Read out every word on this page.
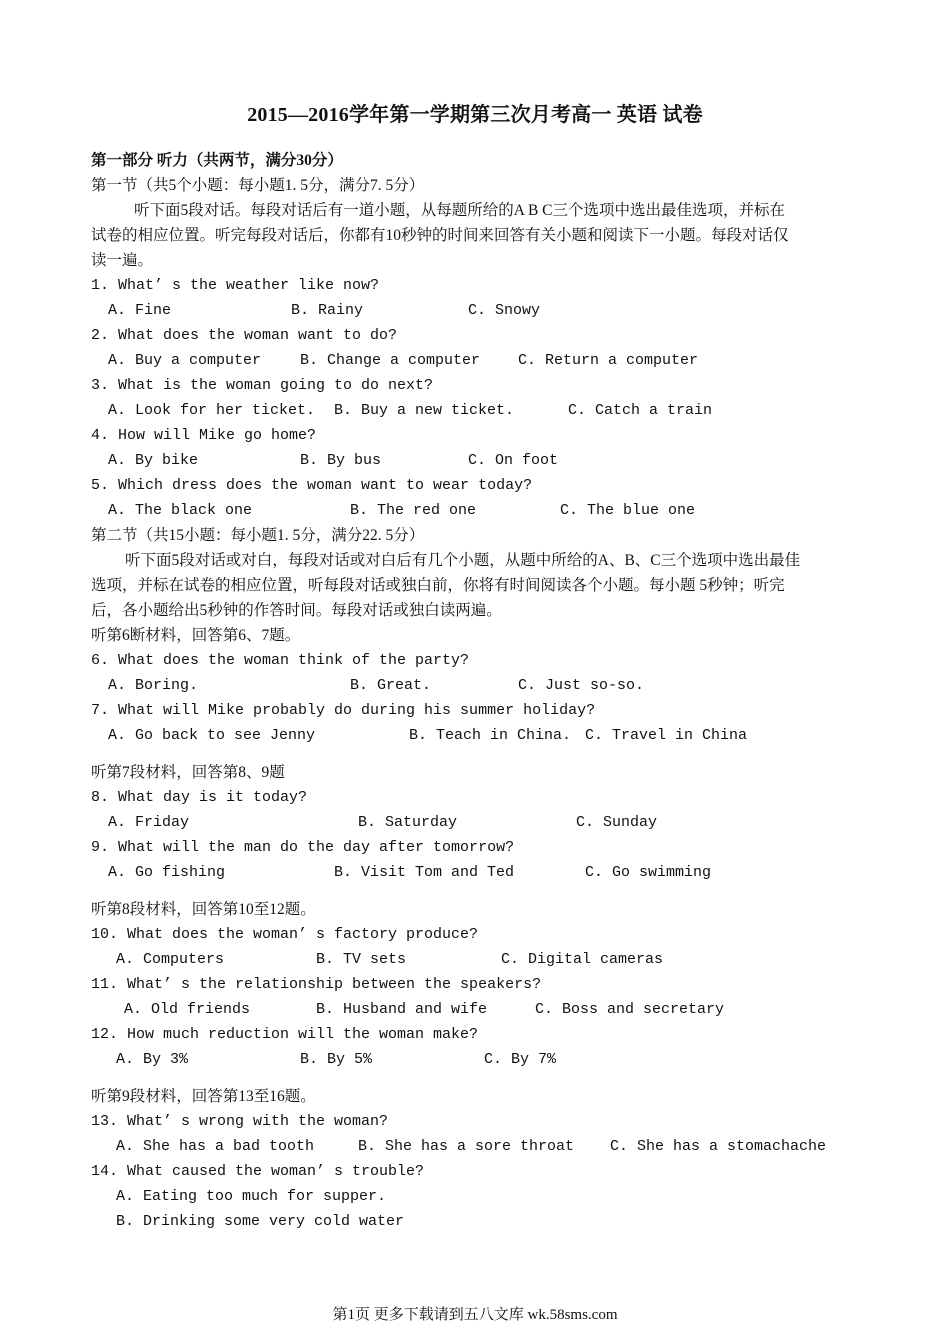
2015—2016学年第一学期第三次月考高一 英语 试卷
第一部分 听力（共两节，满分30分）
第一节（共5个小题：每小题1. 5分，满分7. 5分）
听下面5段对话。每段对话后有一道小题，从每题所给的A B C三个选项中选出最佳选项，并标在
试卷的相应位置。听完每段对话后，你都有10秒钟的时间来回答有关小题和阅读下一小题。每段对话仅
读一遍。
1. What’ s the weather like now?
A. Fine	B. Rainy	C. Snowy
2. What does the woman want to do?
A. Buy a computer	B. Change a computer	C. Return a computer
3. What is the woman going to do next?
A. Look for her ticket. B. Buy a new ticket.	C. Catch a train
4. How will Mike go home?
A. By bike	B. By bus	C. On foot
5. Which dress does the woman want to wear today?
A. The black one	B. The red one	C. The blue one
第二节（共15小题：每小题1. 5分，满分22. 5分）
听下面5段对话或对白，每段对话或对白后有几个小题，从题中所给的A、B、C三个选项中选出最佳
选项，并标在试卷的相应位置，听每段对话或独白前，你将有时间阅读各个小题。每小题 5秒钟；听完
后，各小题给出5秒钟的作答时间。每段对话或独白读两遍。
听第6断材料，回答第6、7题。
6. What does the woman think of the party?
A. Boring.	B. Great.	C. Just so-so.
7. What will Mike probably do during his summer holiday?
A. Go back to see Jenny	B. Teach in China. C. Travel in China
听第7段材料，回答第8、9题
8. What day is it today?
A. Friday	B. Saturday	C. Sunday
9. What will the man do the day after tomorrow?
A. Go fishing	B. Visit Tom and Ted	C. Go swimming
听第8段材料，回答第10至12题。
10. What does the woman’ s factory produce?
A. Computers	B. TV sets	C. Digital cameras
11. What’ s the relationship between the speakers?
A. Old friends	B. Husband and wife	C. Boss and secretary
12. How much reduction will the woman make?
A. By 3%	B. By 5%	C. By 7%
听第9段材料，回答第13至16题。
13. What’ s wrong with the woman?
A. She has a bad tooth	B. She has a sore throat C. She has a stomachache
14. What caused the woman’ s trouble?
A. Eating too much for supper.
B. Drinking some very cold water
第1页 更多下载请到五八文库 wk.58sms.com
